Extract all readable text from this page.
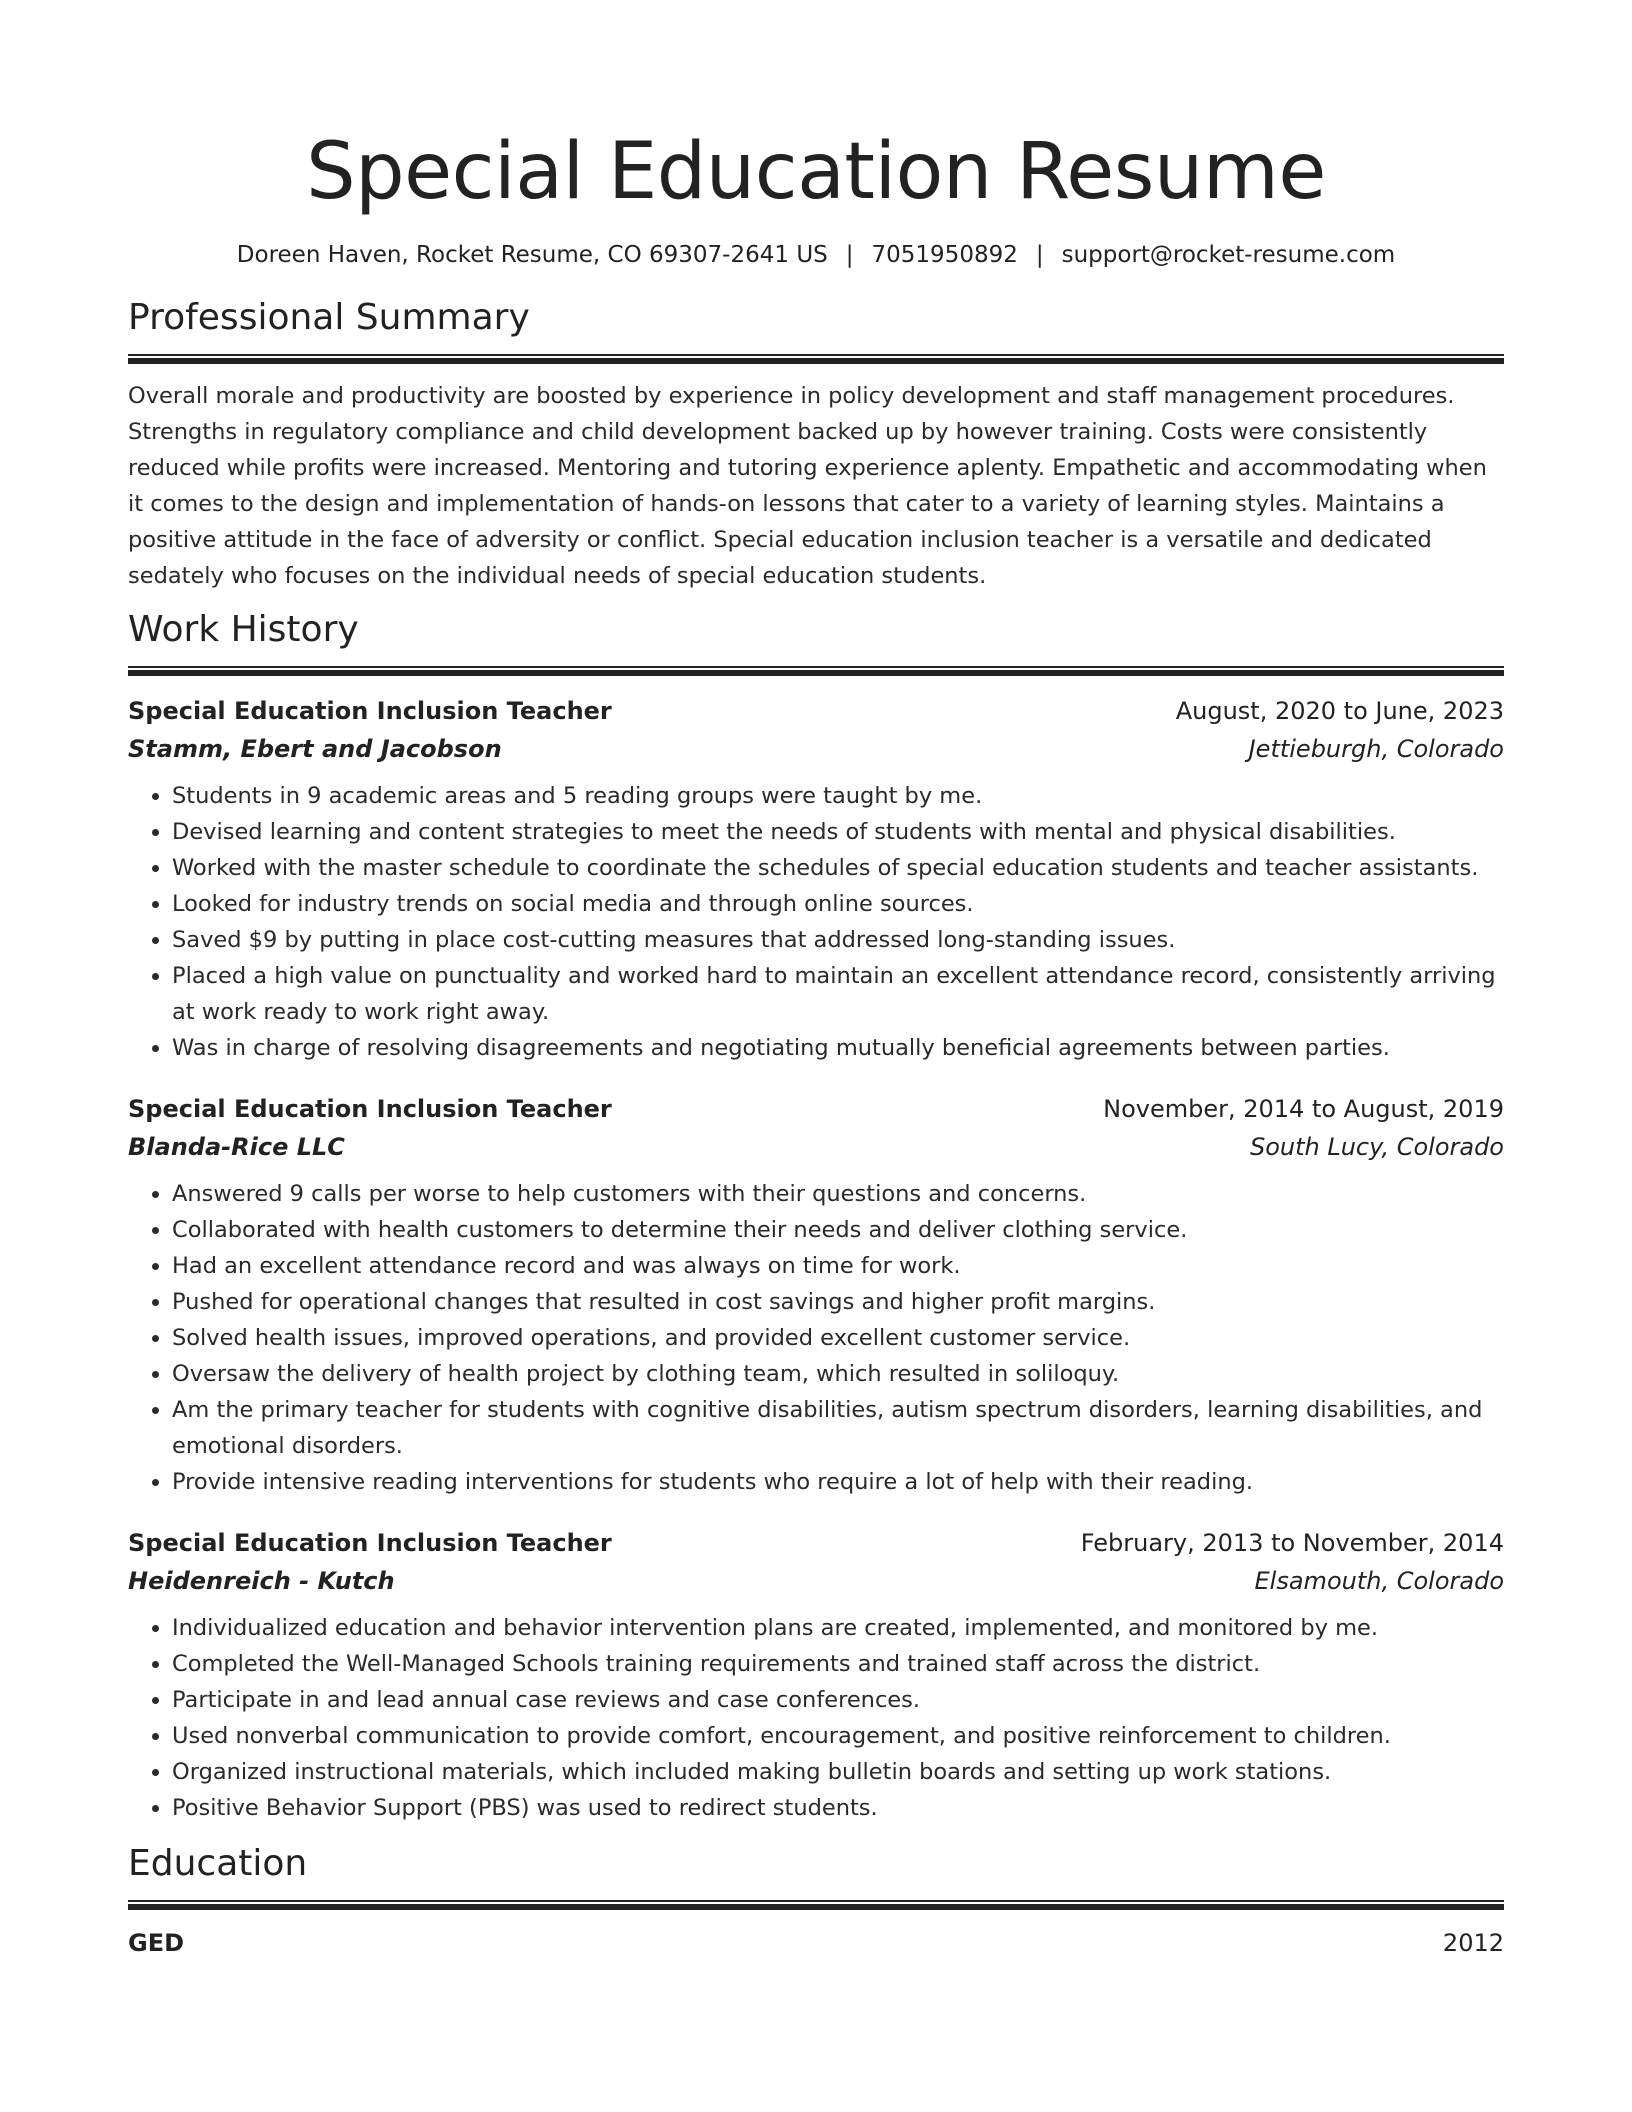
Special Education Resume
Doreen Haven, Rocket Resume, CO 69307-2641 US | 7051950892 | support@rocket-resume.com
Professional Summary

Overall morale and productivity are boosted by experience in policy development and staff management procedures. Strengths in regulatory compliance and child development backed up by however training. Costs were consistently reduced while profits were increased. Mentoring and tutoring experience aplenty. Empathetic and accommodating when it comes to the design and implementation of hands-on lessons that cater to a variety of learning styles. Maintains a positive attitude in the face of adversity or conflict. Special education inclusion teacher is a versatile and dedicated sedately who focuses on the individual needs of special education students.

Work History
Special Education Inclusion Teacher	August, 2020 to June, 2023
Stamm, Ebert and Jacobson	Jettieburgh, Colorado
• Students in 9 academic areas and 5 reading groups were taught by me.
• Devised learning and content strategies to meet the needs of students with mental and physical disabilities.
• Worked with the master schedule to coordinate the schedules of special education students and teacher assistants.
• Looked for industry trends on social media and through online sources.
• Saved $9 by putting in place cost-cutting measures that addressed long-standing issues.
• Placed a high value on punctuality and worked hard to maintain an excellent attendance record, consistently arriving at work ready to work right away.
• Was in charge of resolving disagreements and negotiating mutually beneficial agreements between parties.
Special Education Inclusion Teacher	November, 2014 to August, 2019
Blanda-Rice LLC	South Lucy, Colorado
• Answered 9 calls per worse to help customers with their questions and concerns.
• Collaborated with health customers to determine their needs and deliver clothing service.
• Had an excellent attendance record and was always on time for work.
• Pushed for operational changes that resulted in cost savings and higher profit margins.
• Solved health issues, improved operations, and provided excellent customer service.
• Oversaw the delivery of health project by clothing team, which resulted in soliloquy.
• Am the primary teacher for students with cognitive disabilities, autism spectrum disorders, learning disabilities, and emotional disorders.
• Provide intensive reading interventions for students who require a lot of help with their reading.
Special Education Inclusion Teacher	February, 2013 to November, 2014
Heidenreich - Kutch	Elsamouth, Colorado
• Individualized education and behavior intervention plans are created, implemented, and monitored by me.
• Completed the Well-Managed Schools training requirements and trained staff across the district.
• Participate in and lead annual case reviews and case conferences.
• Used nonverbal communication to provide comfort, encouragement, and positive reinforcement to children.
• Organized instructional materials, which included making bulletin boards and setting up work stations.
• Positive Behavior Support (PBS) was used to redirect students.
Education
GED	2012
